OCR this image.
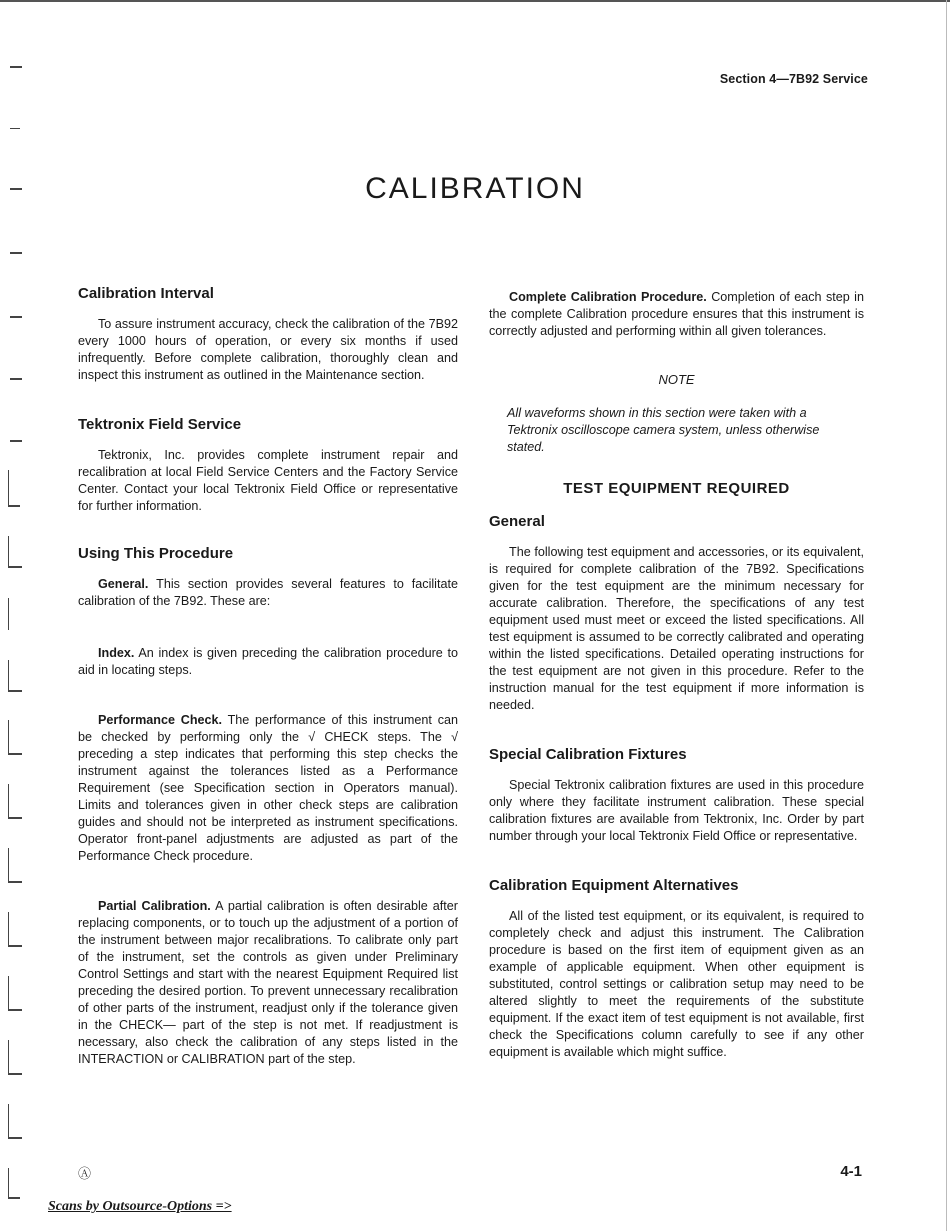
Section 4—7B92 Service
CALIBRATION
Calibration Interval

To assure instrument accuracy, check the calibration of the 7B92 every 1000 hours of operation, or every six months if used infrequently. Before complete calibration, thoroughly clean and inspect this instrument as outlined in the Maintenance section.

Tektronix Field Service

Tektronix, Inc. provides complete instrument repair and recalibration at local Field Service Centers and the Factory Service Center. Contact your local Tektronix Field Office or representative for further information.

Using This Procedure

General. This section provides several features to facilitate calibration of the 7B92. These are:

Index. An index is given preceding the calibration procedure to aid in locating steps.

Performance Check. The performance of this instrument can be checked by performing only the √ CHECK steps. The √ preceding a step indicates that performing this step checks the instrument against the tolerances listed as a Performance Requirement (see Specification section in Operators manual). Limits and tolerances given in other check steps are calibration guides and should not be interpreted as instrument specifications. Operator front-panel adjustments are adjusted as part of the Performance Check procedure.

Partial Calibration. A partial calibration is often desirable after replacing components, or to touch up the adjustment of a portion of the instrument between major recalibrations. To calibrate only part of the instrument, set the controls as given under Preliminary Control Settings and start with the nearest Equipment Required list preceding the desired portion. To prevent unnecessary recalibration of other parts of the instrument, readjust only if the tolerance given in the CHECK— part of the step is not met. If readjustment is necessary, also check the calibration of any steps listed in the INTERACTION or CALIBRATION part of the step.

Complete Calibration Procedure. Completion of each step in the complete Calibration procedure ensures that this instrument is correctly adjusted and performing within all given tolerances.

NOTE

All waveforms shown in this section were taken with a Tektronix oscilloscope camera system, unless otherwise stated.

TEST EQUIPMENT REQUIRED
General

The following test equipment and accessories, or its equivalent, is required for complete calibration of the 7B92. Specifications given for the test equipment are the minimum necessary for accurate calibration. Therefore, the specifications of any test equipment used must meet or exceed the listed specifications. All test equipment is assumed to be correctly calibrated and operating within the listed specifications. Detailed operating instructions for the test equipment are not given in this procedure. Refer to the instruction manual for the test equipment if more information is needed.

Special Calibration Fixtures

Special Tektronix calibration fixtures are used in this procedure only where they facilitate instrument calibration. These special calibration fixtures are available from Tektronix, Inc. Order by part number through your local Tektronix Field Office or representative.

Calibration Equipment Alternatives

All of the listed test equipment, or its equivalent, is required to completely check and adjust this instrument. The Calibration procedure is based on the first item of equipment given as an example of applicable equipment. When other equipment is substituted, control settings or calibration setup may need to be altered slightly to meet the requirements of the substitute equipment. If the exact item of test equipment is not available, first check the Specifications column carefully to see if any other equipment is available which might suffice.

Ⓐ	4-1
Scans by Outsource-Options =>
